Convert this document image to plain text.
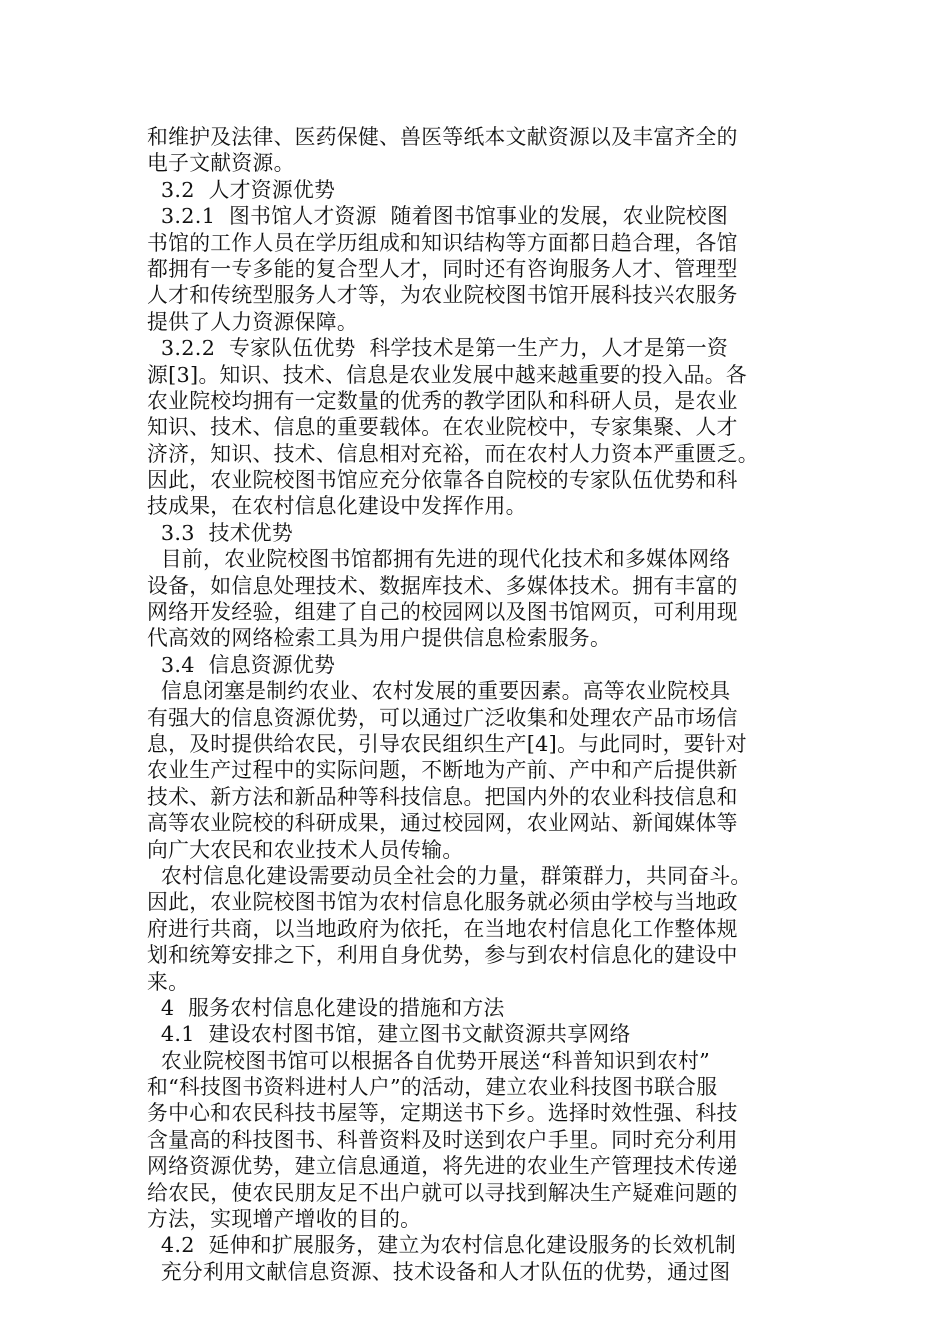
和维护及法律、医药保健、兽医等纸本文献资源以及丰富齐全的
电子文献资源。
3.2  人才资源优势
3.2.1  图书馆人才资源  随着图书馆事业的发展，农业院校图
书馆的工作人员在学历组成和知识结构等方面都日趋合理，各馆
都拥有一专多能的复合型人才，同时还有咨询服务人才、管理型
人才和传统型服务人才等，为农业院校图书馆开展科技兴农服务
提供了人力资源保障。
3.2.2  专家队伍优势  科学技术是第一生产力，人才是第一资
源[3]。知识、技术、信息是农业发展中越来越重要的投入品。各
农业院校均拥有一定数量的优秀的教学团队和科研人员，是农业
知识、技术、信息的重要载体。在农业院校中，专家集聚、人才
济济，知识、技术、信息相对充裕，而在农村人力资本严重匮乏。
因此，农业院校图书馆应充分依靠各自院校的专家队伍优势和科
技成果，在农村信息化建设中发挥作用。
3.3  技术优势
目前，农业院校图书馆都拥有先进的现代化技术和多媒体网络
设备，如信息处理技术、数据库技术、多媒体技术。拥有丰富的
网络开发经验，组建了自己的校园网以及图书馆网页，可利用现
代高效的网络检索工具为用户提供信息检索服务。
3.4  信息资源优势
信息闭塞是制约农业、农村发展的重要因素。高等农业院校具
有强大的信息资源优势，可以通过广泛收集和处理农产品市场信
息，及时提供给农民，引导农民组织生产[4]。与此同时，要针对
农业生产过程中的实际问题，不断地为产前、产中和产后提供新
技术、新方法和新品种等科技信息。把国内外的农业科技信息和
高等农业院校的科研成果，通过校园网，农业网站、新闻媒体等
向广大农民和农业技术人员传输。
农村信息化建设需要动员全社会的力量，群策群力，共同奋斗。
因此，农业院校图书馆为农村信息化服务就必须由学校与当地政
府进行共商，以当地政府为依托，在当地农村信息化工作整体规
划和统筹安排之下，利用自身优势，参与到农村信息化的建设中
来。
4  服务农村信息化建设的措施和方法
4.1  建设农村图书馆，建立图书文献资源共享网络
农业院校图书馆可以根据各自优势开展送“科普知识到农村”
和“科技图书资料进村人户”的活动，建立农业科技图书联合服
务中心和农民科技书屋等，定期送书下乡。选择时效性强、科技
含量高的科技图书、科普资料及时送到农户手里。同时充分利用
网络资源优势，建立信息通道，将先进的农业生产管理技术传递
给农民，使农民朋友足不出户就可以寻找到解决生产疑难问题的
方法，实现增产增收的目的。
4.2  延伸和扩展服务，建立为农村信息化建设服务的长效机制
充分利用文献信息资源、技术设备和人才队伍的优势，通过图
